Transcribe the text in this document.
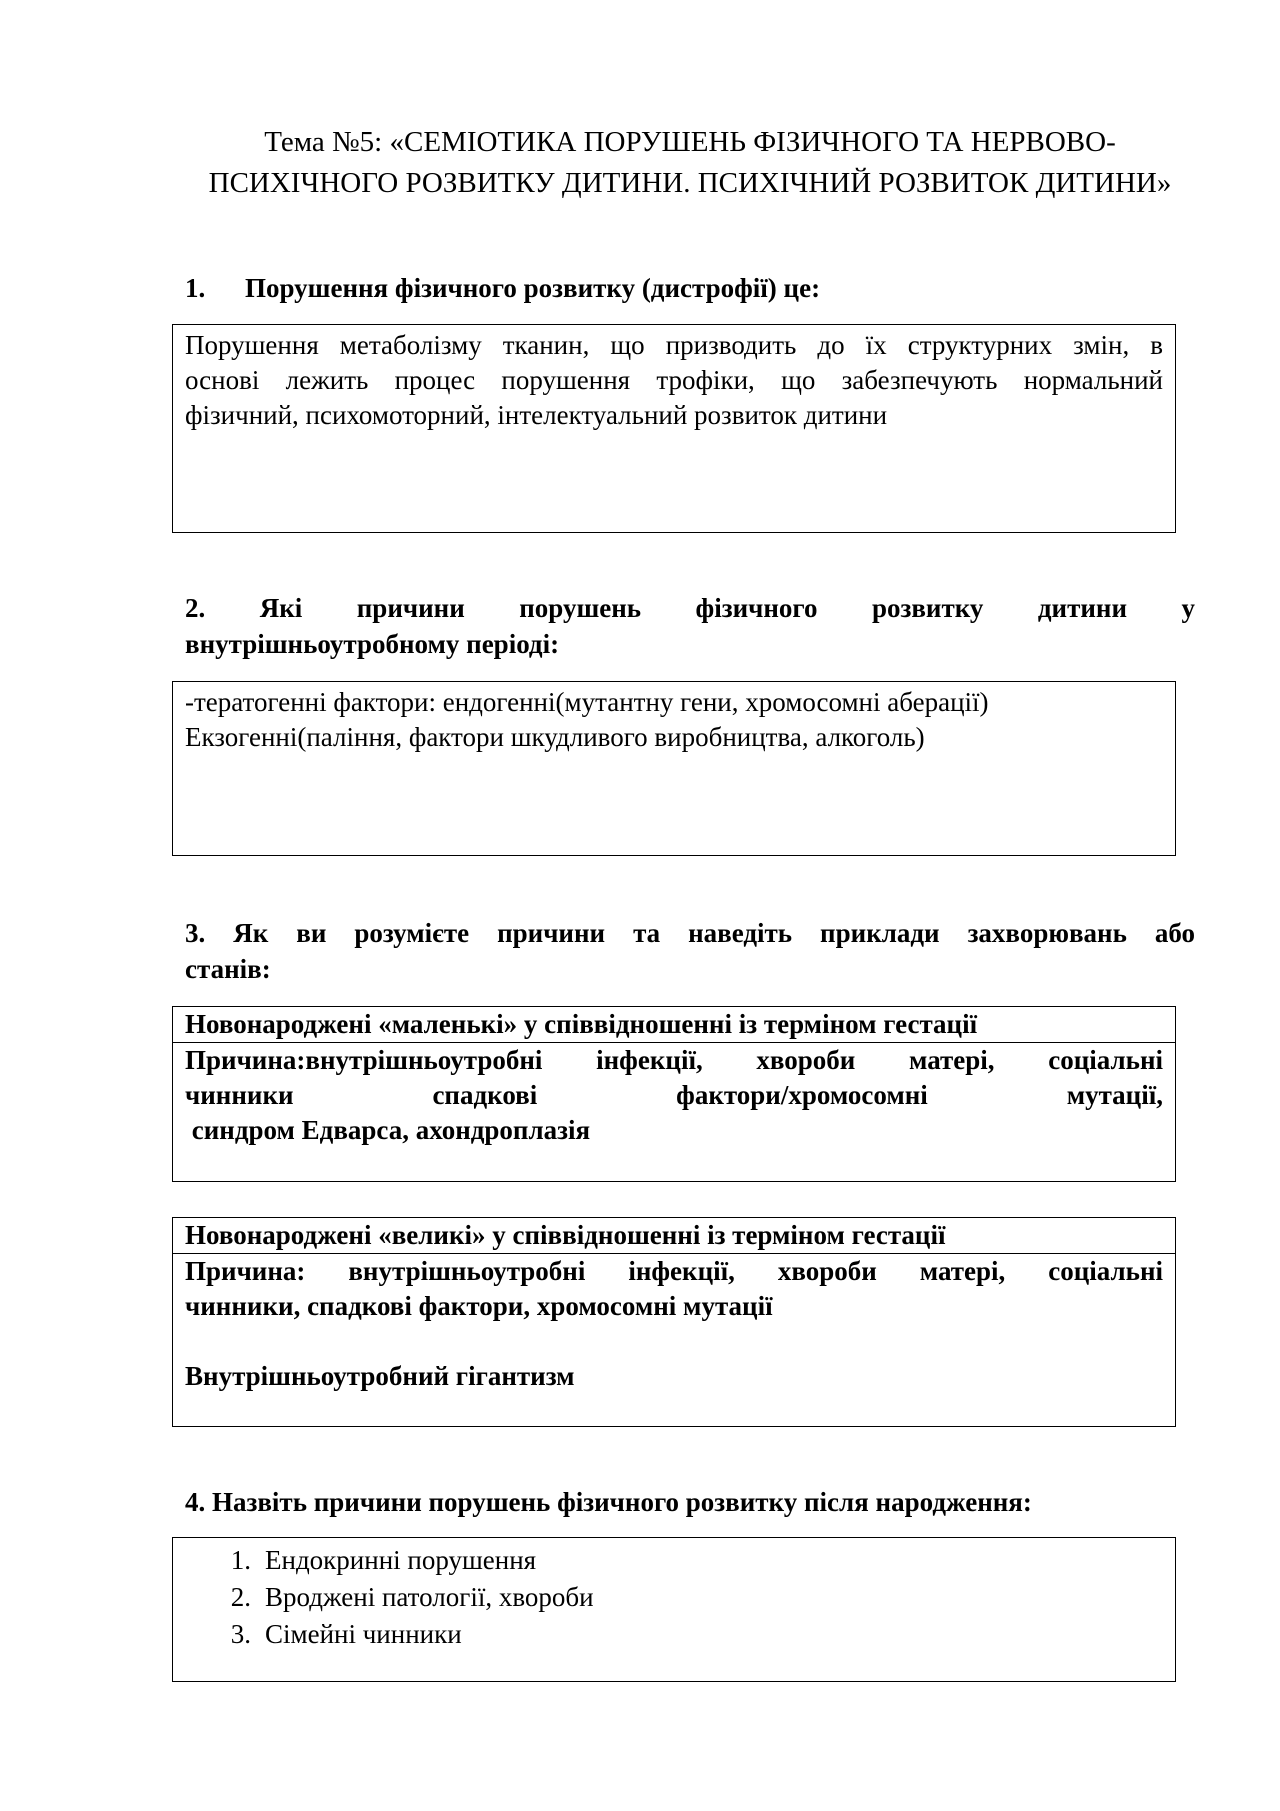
Тема №5: «СЕМІОТИКА ПОРУШЕНЬ ФІЗИЧНОГО ТА НЕРВОВО-
ПСИХІЧНОГО РОЗВИТКУ ДИТИНИ. ПСИХІЧНИЙ РОЗВИТОК ДИТИНИ»

1. Порушення фізичного розвитку (дистрофії) це:

Порушення метаболізму тканин, що призводить до їх структурних змін, в
основі лежить процес порушення трофіки, що забезпечують нормальний
фізичний, психомоторний, інтелектуальний розвиток дитини

2. Які причини порушень фізичного розвитку дитини у
внутрішньоутробному періоді:

-тератогенні фактори: ендогенні(мутантну гени, хромосомні аберації)
Екзогенні(паління, фактори шкудливого виробництва, алкоголь)

3. Як ви розумієте причини та наведіть приклади захворювань або
станів:

Новонароджені «маленькі» у співвідношенні із терміном гестації
Причина:внутрішньоутробні інфекції, хвороби матері, соціальні
чинники спадкові фактори/хромосомні мутації,
синдром Едварса, ахондроплазія
Новонароджені «великі» у співвідношенні із терміном гестації
Причина: внутрішньоутробні інфекції, хвороби матері, соціальні
чинники, спадкові фактори, хромосомні мутації
Внутрішньоутробний гігантизм

4. Назвіть причини порушень фізичного розвитку після народження:

1. Ендокринні порушення
2. Вроджені патології, хвороби
3. Сімейні чинники
